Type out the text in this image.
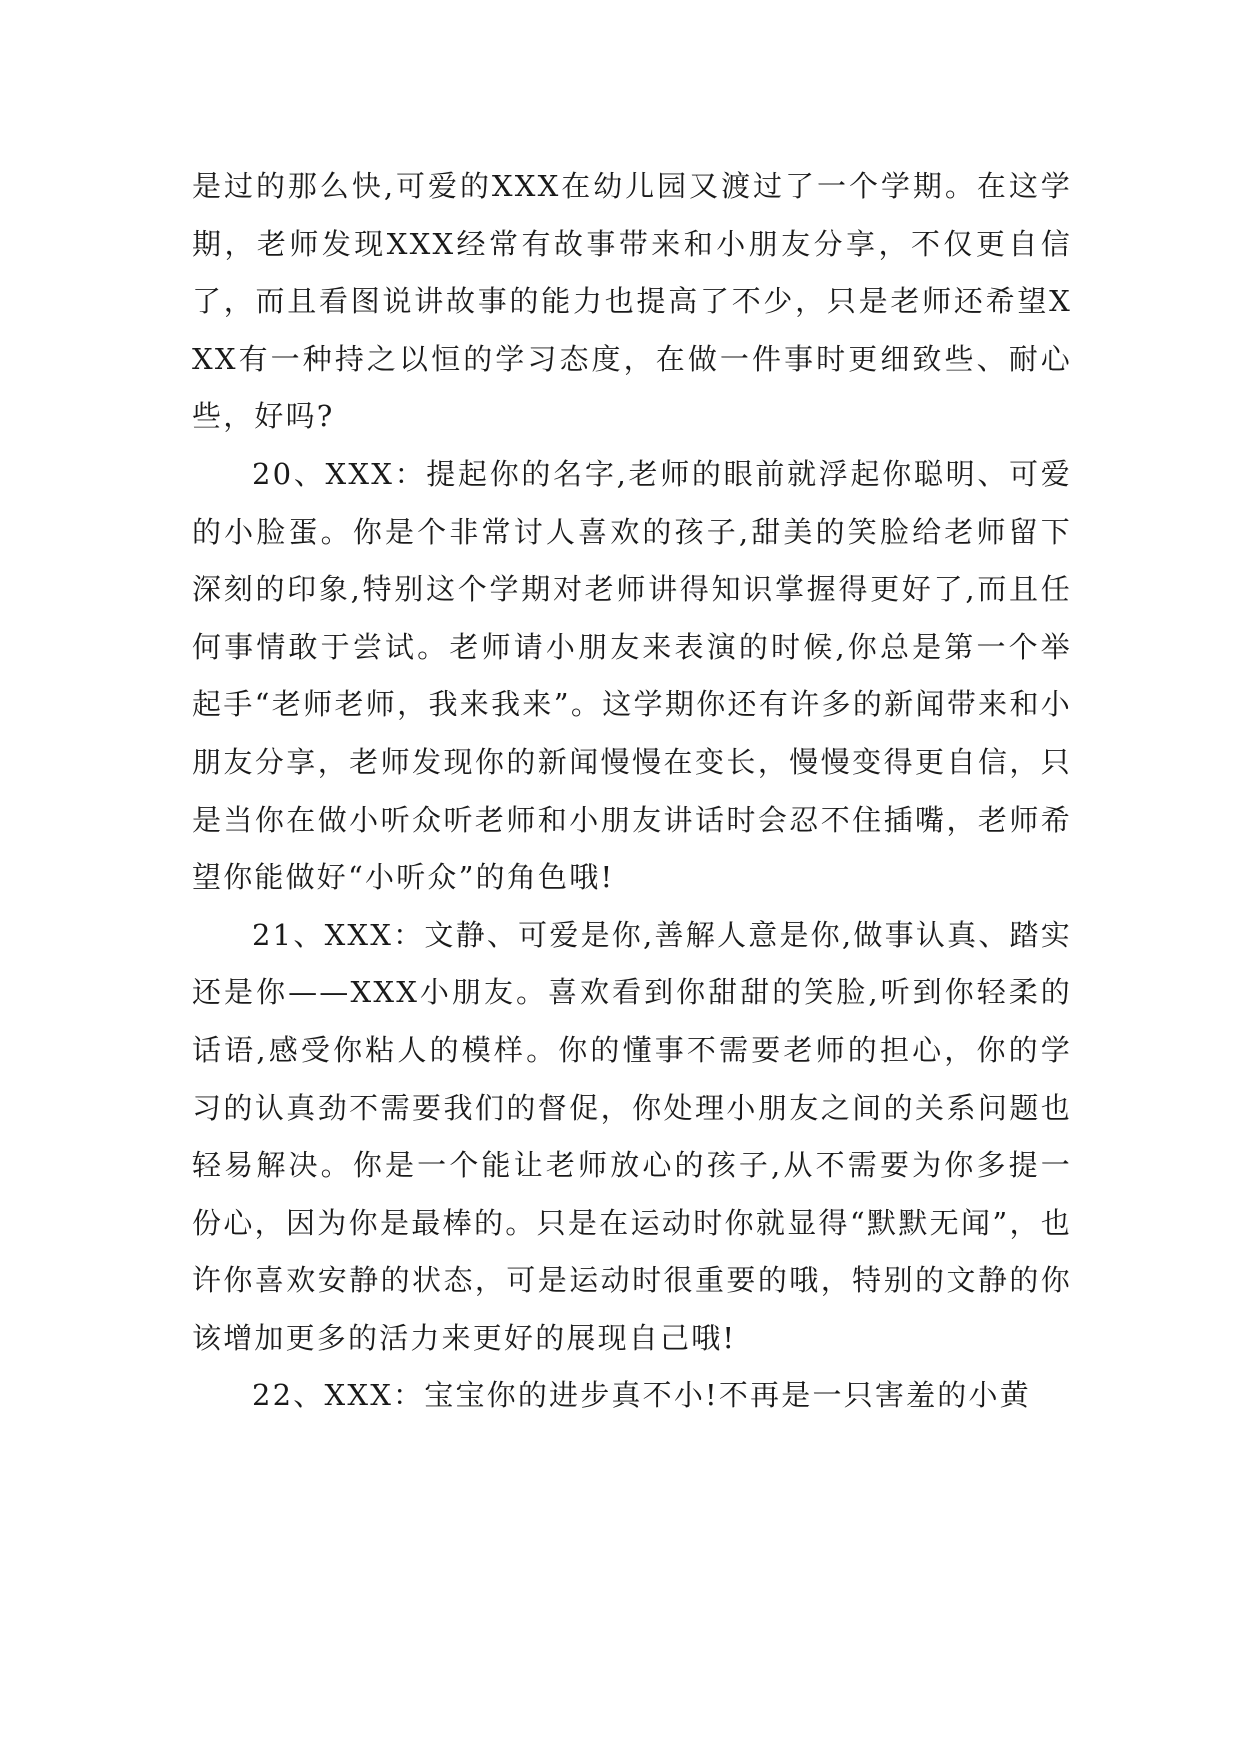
是过的那么快,可爱的XXX在幼儿园又渡过了一个学期。在这学期，老师发现XXX经常有故事带来和小朋友分享，不仅更自信了，而且看图说讲故事的能力也提高了不少，只是老师还希望XXX有一种持之以恒的学习态度，在做一件事时更细致些、耐心些，好吗?

20、XXX：提起你的名字,老师的眼前就浮起你聪明、可爱的小脸蛋。你是个非常讨人喜欢的孩子,甜美的笑脸给老师留下深刻的印象,特别这个学期对老师讲得知识掌握得更好了,而且任何事情敢于尝试。老师请小朋友来表演的时候,你总是第一个举起手“老师老师，我来我来”。这学期你还有许多的新闻带来和小朋友分享，老师发现你的新闻慢慢在变长，慢慢变得更自信，只是当你在做小听众听老师和小朋友讲话时会忍不住插嘴，老师希望你能做好“小听众”的角色哦!

21、XXX：文静、可爱是你,善解人意是你,做事认真、踏实还是你——XXX小朋友。喜欢看到你甜甜的笑脸,听到你轻柔的话语,感受你粘人的模样。你的懂事不需要老师的担心，你的学习的认真劲不需要我们的督促，你处理小朋友之间的关系问题也轻易解决。你是一个能让老师放心的孩子,从不需要为你多提一份心，因为你是最棒的。只是在运动时你就显得“默默无闻”，也许你喜欢安静的状态，可是运动时很重要的哦，特别的文静的你该增加更多的活力来更好的展现自己哦!

22、XXX：宝宝你的进步真不小!不再是一只害羞的小黄
